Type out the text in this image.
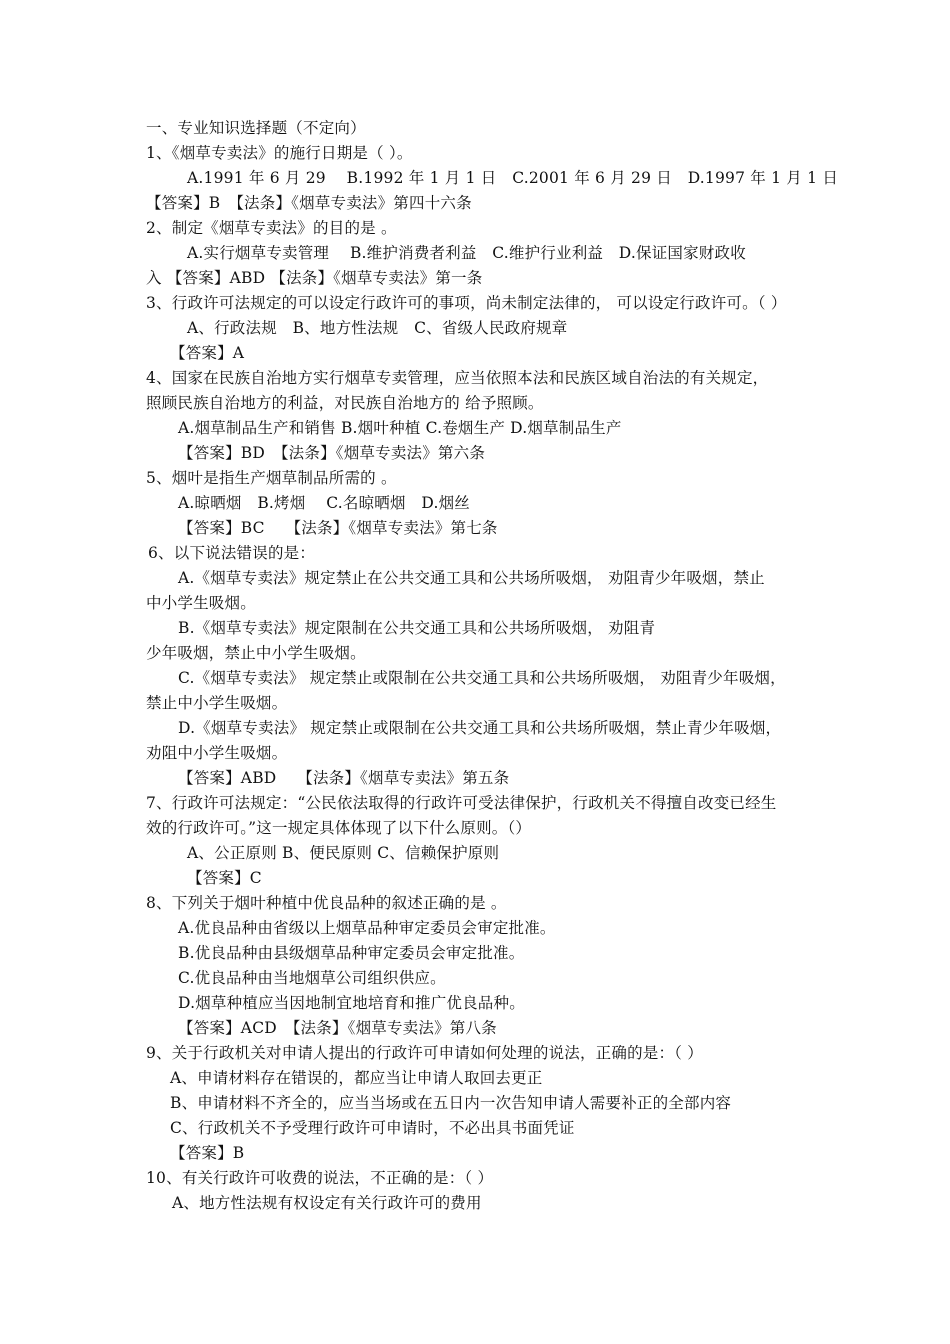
一、专业知识选择题（不定向）
1、《烟草专卖法》的施行日期是（ ）。
A.1991 年 6 月 29　 B.1992 年 1 月 1 日　C.2001 年 6 月 29 日　D.1997 年 1 月 1 日
【答案】B　【法条】《烟草专卖法》第四十六条
2、制定《烟草专卖法》的目的是 。
A.实行烟草专卖管理　 B.维护消费者利益　C.维护行业利益　D.保证国家财政收
入 【答案】ABD 【法条】《烟草专卖法》第一条
3、行政许可法规定的可以设定行政许可的事项，尚未制定法律的， 可以设定行政许可。（ ）
A、行政法规　B、地方性法规　C、省级人民政府规章
【答案】A
4、国家在民族自治地方实行烟草专卖管理，应当依照本法和民族区域自治法的有关规定，
照顾民族自治地方的利益，对民族自治地方的 给予照顾。
A.烟草制品生产和销售 B.烟叶种植 C.卷烟生产 D.烟草制品生产
【答案】BD　【法条】《烟草专卖法》第六条
5、烟叶是指生产烟草制品所需的 。
A.晾晒烟　B.烤烟　 C.名晾晒烟　D.烟丝
【答案】BC　 【法条】《烟草专卖法》第七条
6、以下说法错误的是：
A.《烟草专卖法》规定禁止在公共交通工具和公共场所吸烟， 劝阻青少年吸烟，禁止
中小学生吸烟。
B.《烟草专卖法》规定限制在公共交通工具和公共场所吸烟， 劝阻青
少年吸烟，禁止中小学生吸烟。
C.《烟草专卖法》 规定禁止或限制在公共交通工具和公共场所吸烟， 劝阻青少年吸烟，
禁止中小学生吸烟。
D.《烟草专卖法》 规定禁止或限制在公共交通工具和公共场所吸烟，禁止青少年吸烟，
劝阻中小学生吸烟。
【答案】ABD　 【法条】《烟草专卖法》第五条
7、行政许可法规定：“公民依法取得的行政许可受法律保护，行政机关不得擅自改变已经生
效的行政许可。”这一规定具体体现了以下什么原则。（）
A、公正原则 B、便民原则 C、信赖保护原则
【答案】C
8、下列关于烟叶种植中优良品种的叙述正确的是 。
A.优良品种由省级以上烟草品种审定委员会审定批准。
B.优良品种由县级烟草品种审定委员会审定批准。
C.优良品种由当地烟草公司组织供应。
D.烟草种植应当因地制宜地培育和推广优良品种。
【答案】ACD　【法条】《烟草专卖法》第八条
9、关于行政机关对申请人提出的行政许可申请如何处理的说法，正确的是：（ ）
A、申请材料存在错误的，都应当让申请人取回去更正
B、申请材料不齐全的，应当当场或在五日内一次告知申请人需要补正的全部内容
C、行政机关不予受理行政许可申请时，不必出具书面凭证
【答案】B
10、有关行政许可收费的说法，不正确的是：（ ）
A、地方性法规有权设定有关行政许可的费用
